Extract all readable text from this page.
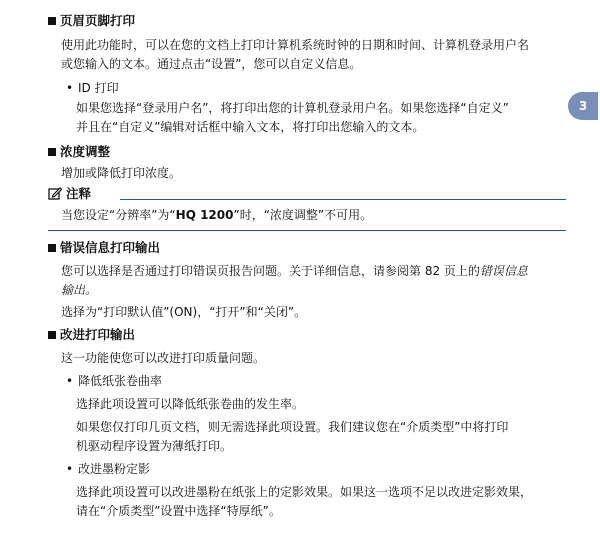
页眉页脚打印
使用此功能时，可以在您的文档上打印计算机系统时钟的日期和时间、计算机登录用户名
或您输入的文本。通过点击“设置”，您可以自定义信息。
• ID 打印
如果您选择“登录用户名”，将打印出您的计算机登录用户名。如果您选择“自定义”
并且在“自定义”编辑对话框中输入文本，将打印出您输入的文本。
3
浓度调整
增加或降低打印浓度。
注释
当您设定“分辨率”为“HQ 1200”时，“浓度调整”不可用。
错误信息打印输出
您可以选择是否通过打印错误页报告问题。关于详细信息，请参阅第 82 页上的错误信息
输出。
选择为“打印默认值”(ON)，“打开”和“关闭”。
改进打印输出
这一功能使您可以改进打印质量问题。
• 降低纸张卷曲率
选择此项设置可以降低纸张卷曲的发生率。
如果您仅打印几页文档，则无需选择此项设置。我们建议您在“介质类型”中将打印
机驱动程序设置为薄纸打印。
• 改进墨粉定影
选择此项设置可以改进墨粉在纸张上的定影效果。如果这一选项不足以改进定影效果，
请在“介质类型”设置中选择“特厚纸”。
